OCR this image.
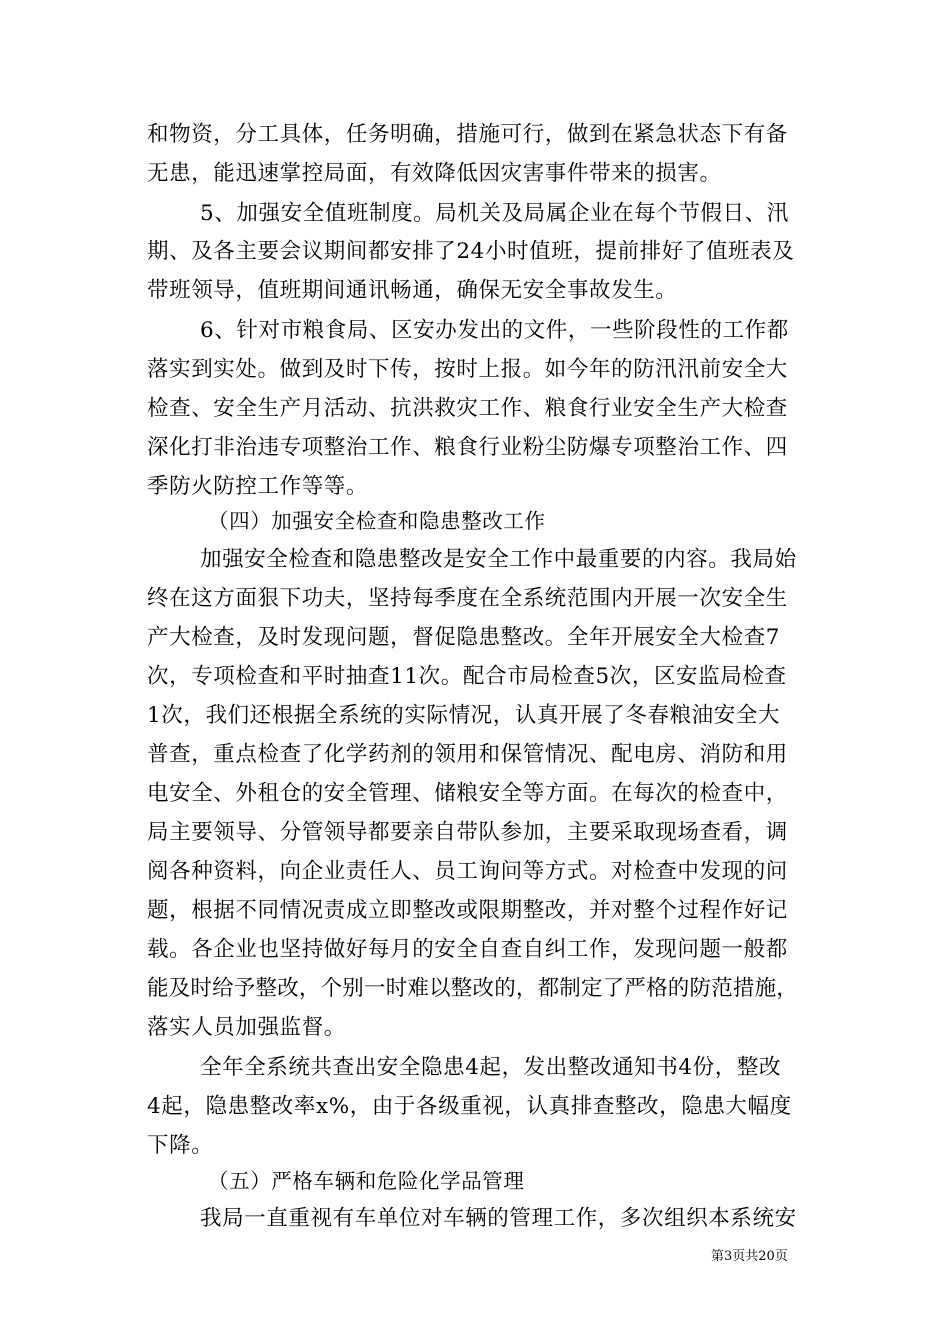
和物资，分工具体，任务明确，措施可行，做到在紧急状态下有备
无患，能迅速掌控局面，有效降低因灾害事件带来的损害。
5、加强安全值班制度。局机关及局属企业在每个节假日、汛
期、及各主要会议期间都安排了24小时值班，提前排好了值班表及
带班领导，值班期间通讯畅通，确保无安全事故发生。
6、针对市粮食局、区安办发出的文件，一些阶段性的工作都
落实到实处。做到及时下传，按时上报。如今年的防汛汛前安全大
检查、安全生产月活动、抗洪救灾工作、粮食行业安全生产大检查
深化打非治违专项整治工作、粮食行业粉尘防爆专项整治工作、四
季防火防控工作等等。
（四）加强安全检查和隐患整改工作
加强安全检查和隐患整改是安全工作中最重要的内容。我局始
终在这方面狠下功夫，坚持每季度在全系统范围内开展一次安全生
产大检查，及时发现问题，督促隐患整改。全年开展安全大检查7
次，专项检查和平时抽查11次。配合市局检查5次，区安监局检查
1次，我们还根据全系统的实际情况，认真开展了冬春粮油安全大
普查，重点检查了化学药剂的领用和保管情况、配电房、消防和用
电安全、外租仓的安全管理、储粮安全等方面。在每次的检查中，
局主要领导、分管领导都要亲自带队参加，主要采取现场查看，调
阅各种资料，向企业责任人、员工询问等方式。对检查中发现的问
题，根据不同情况责成立即整改或限期整改，并对整个过程作好记
载。各企业也坚持做好每月的安全自查自纠工作，发现问题一般都
能及时给予整改，个别一时难以整改的，都制定了严格的防范措施，
落实人员加强监督。
全年全系统共查出安全隐患4起，发出整改通知书4份，整改
4起，隐患整改率x%，由于各级重视，认真排查整改，隐患大幅度
下降。
（五）严格车辆和危险化学品管理
我局一直重视有车单位对车辆的管理工作，多次组织本系统安
第3页共20页
